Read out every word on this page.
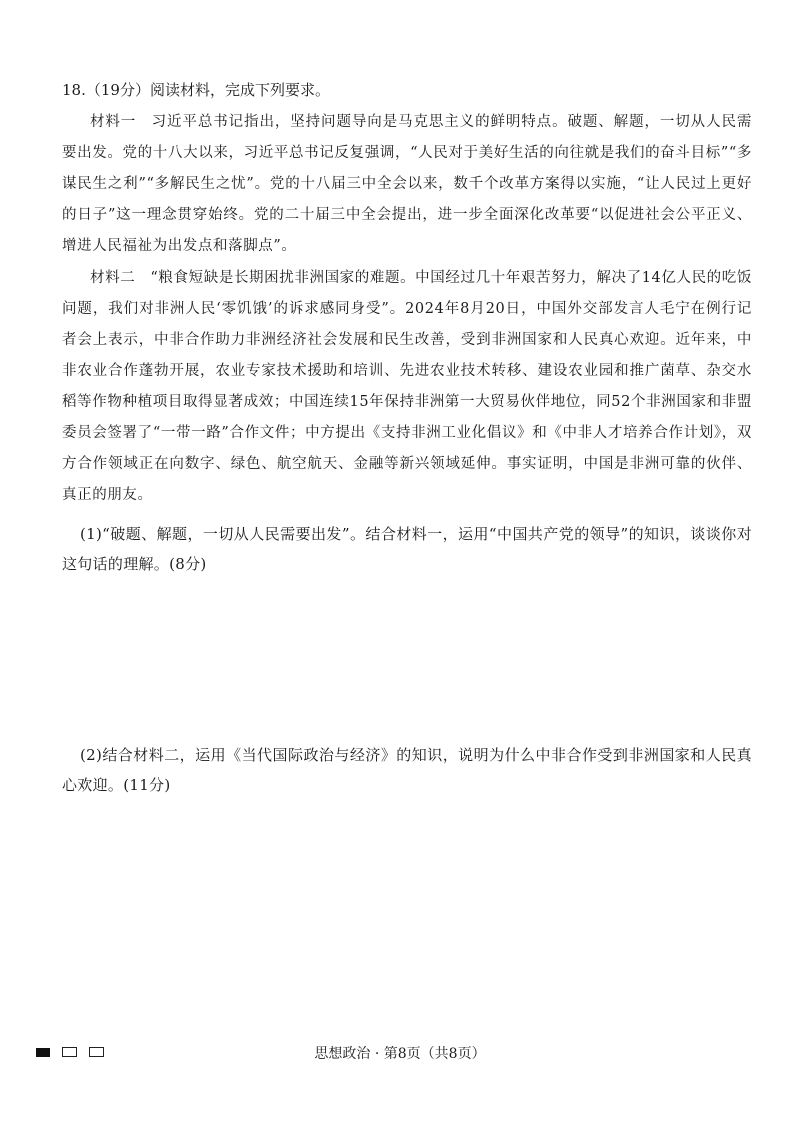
18.（19分）阅读材料，完成下列要求。
材料一  习近平总书记指出，坚持问题导向是马克思主义的鲜明特点。破题、解题，一切从人民需要出发。党的十八大以来，习近平总书记反复强调，“人民对于美好生活的向往就是我们的奋斗目标”“多谋民生之利”“多解民生之忧”。党的十八届三中全会以来，数千个改革方案得以实施，“让人民过上更好的日子”这一理念贯穿始终。党的二十届三中全会提出，进一步全面深化改革要“以促进社会公平正义、增进人民福祉为出发点和落脚点”。
材料二  “粮食短缺是长期困扰非洲国家的难题。中国经过几十年艰苦努力，解决了14亿人民的吃饭问题，我们对非洲人民‘零饥饿’的诉求感同身受”。2024年8月20日，中国外交部发言人毛宁在例行记者会上表示，中非合作助力非洲经济社会发展和民生改善，受到非洲国家和人民真心欢迎。近年来，中非农业合作蓬勃开展，农业专家技术援助和培训、先进农业技术转移、建设农业园和推广菌草、杂交水稻等作物种植项目取得显著成效；中国连续15年保持非洲第一大贸易伙伴地位，同52个非洲国家和非盟委员会签署了“一带一路”合作文件；中方提出《支持非洲工业化倡议》和《中非人才培养合作计划》，双方合作领域正在向数字、绿色、航空航天、金融等新兴领域延伸。事实证明，中国是非洲可靠的伙伴、真正的朋友。
(1)“破题、解题，一切从人民需要出发”。结合材料一，运用“中国共产党的领导”的知识，谈谈你对这句话的理解。(8分)
(2)结合材料二，运用《当代国际政治与经济》的知识，说明为什么中非合作受到非洲国家和人民真心欢迎。(11分)
思想政治 · 第8页（共8页）
